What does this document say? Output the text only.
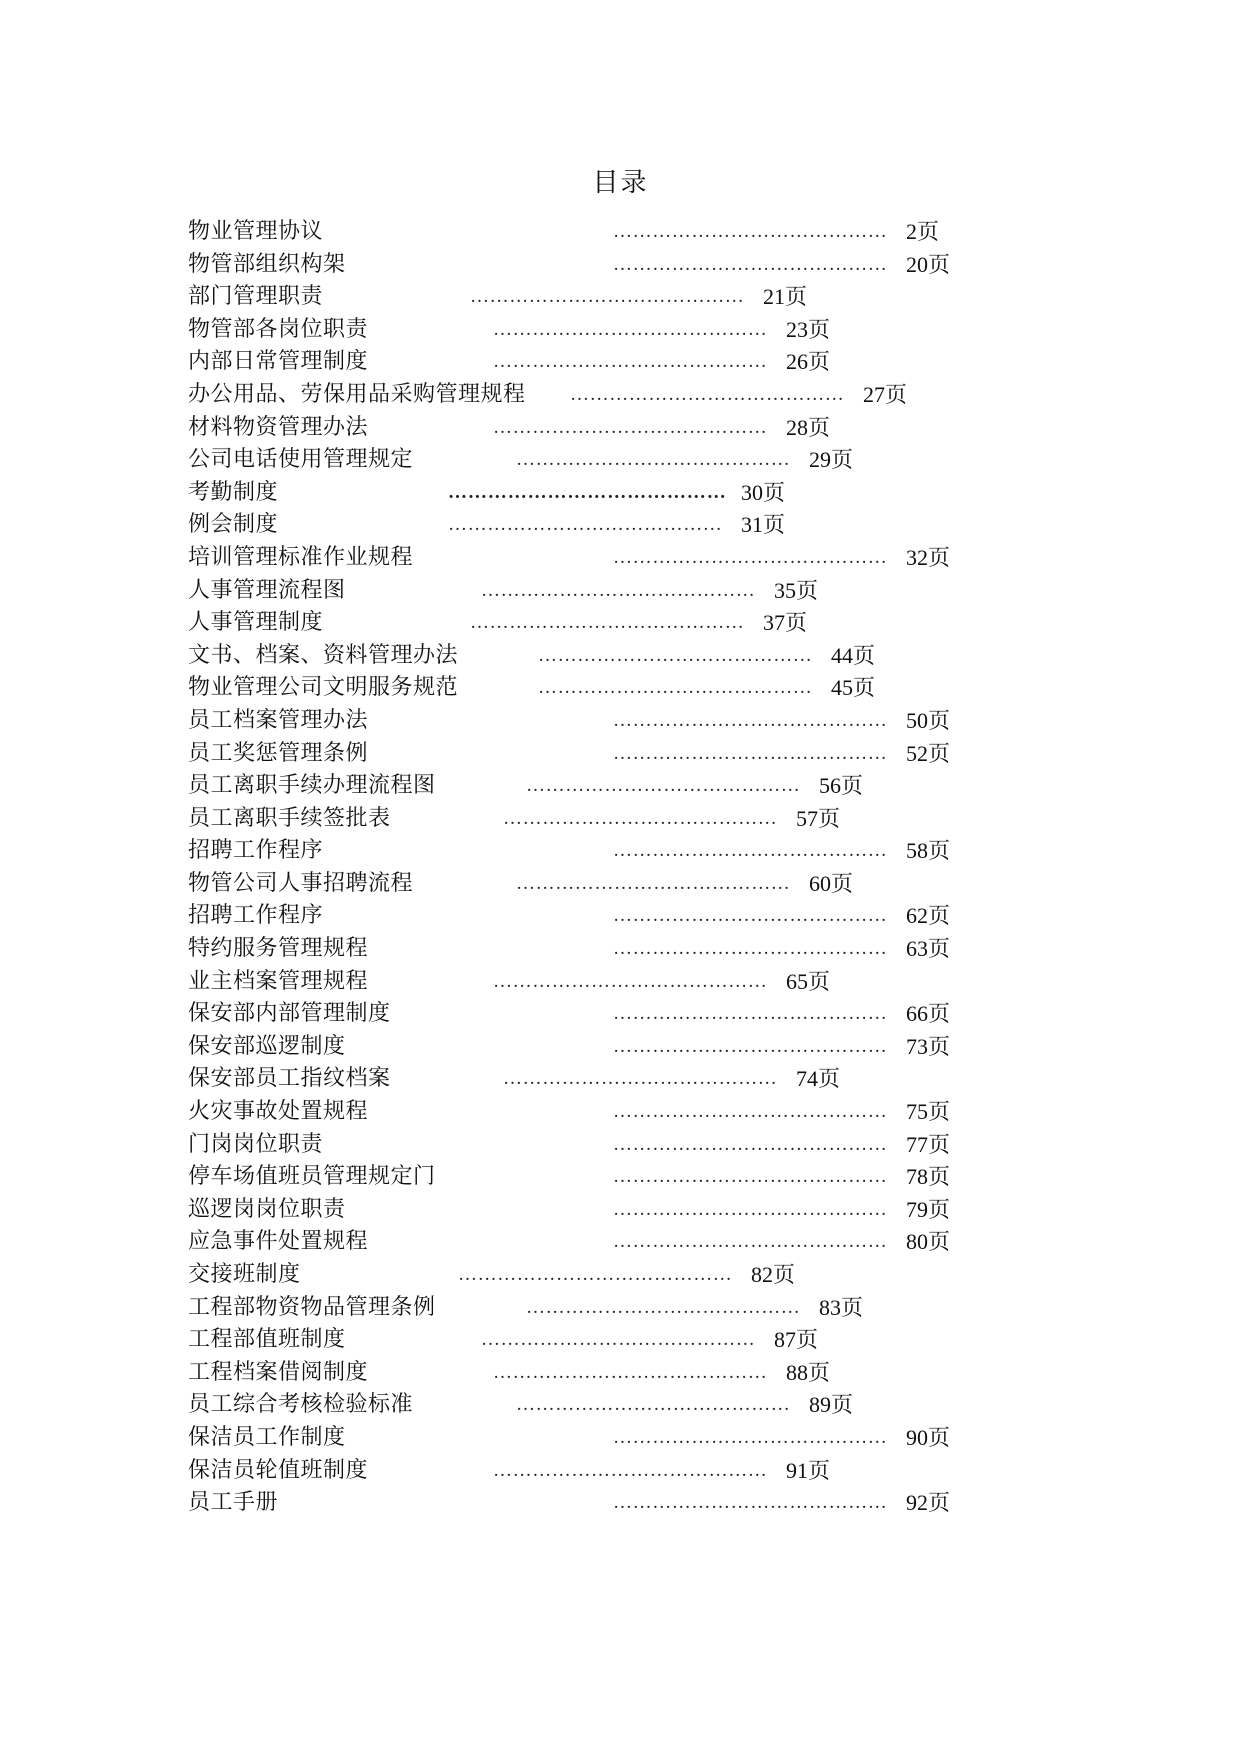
目录
物业管理协议	…………………………………… 2页
物管部组织构架	…………………………………… 20页
部门管理职责	…………………………………… 21页
物管部各岗位职责	…………………………………… 23页
内部日常管理制度	…………………………………… 26页
办公用品、劳保用品采购管理规程 …………………………………… 27页
材料物资管理办法	…………………………………… 28页
公司电话使用管理规定	…………………………………… 29页
考勤制度	…………………………………… 30页
例会制度	…………………………………… 31页
培训管理标准作业规程	…………………………………… 32页
人事管理流程图	…………………………………… 35页
人事管理制度	…………………………………… 37页
文书、档案、资料管理办法	…………………………………… 44页
物业管理公司文明服务规范	…………………………………… 45页
员工档案管理办法	…………………………………… 50页
员工奖惩管理条例	…………………………………… 52页
员工离职手续办理流程图	…………………………………… 56页
员工离职手续签批表	…………………………………… 57页
招聘工作程序	…………………………………… 58页
物管公司人事招聘流程	…………………………………… 60页
招聘工作程序	…………………………………… 62页
特约服务管理规程	…………………………………… 63页
业主档案管理规程	…………………………………… 65页
保安部内部管理制度	…………………………………… 66页
保安部巡逻制度	…………………………………… 73页
保安部员工指纹档案	…………………………………… 74页
火灾事故处置规程	…………………………………… 75页
门岗岗位职责	…………………………………… 77页
停车场值班员管理规定门	…………………………………… 78页
巡逻岗岗位职责	…………………………………… 79页
应急事件处置规程	…………………………………… 80页
交接班制度	…………………………………… 82页
工程部物资物品管理条例	…………………………………… 83页
工程部值班制度	…………………………………… 87页
工程档案借阅制度	…………………………………… 88页
员工综合考核检验标准	…………………………………… 89页
保洁员工作制度	…………………………………… 90页
保洁员轮值班制度	…………………………………… 91页
员工手册	…………………………………… 92页
